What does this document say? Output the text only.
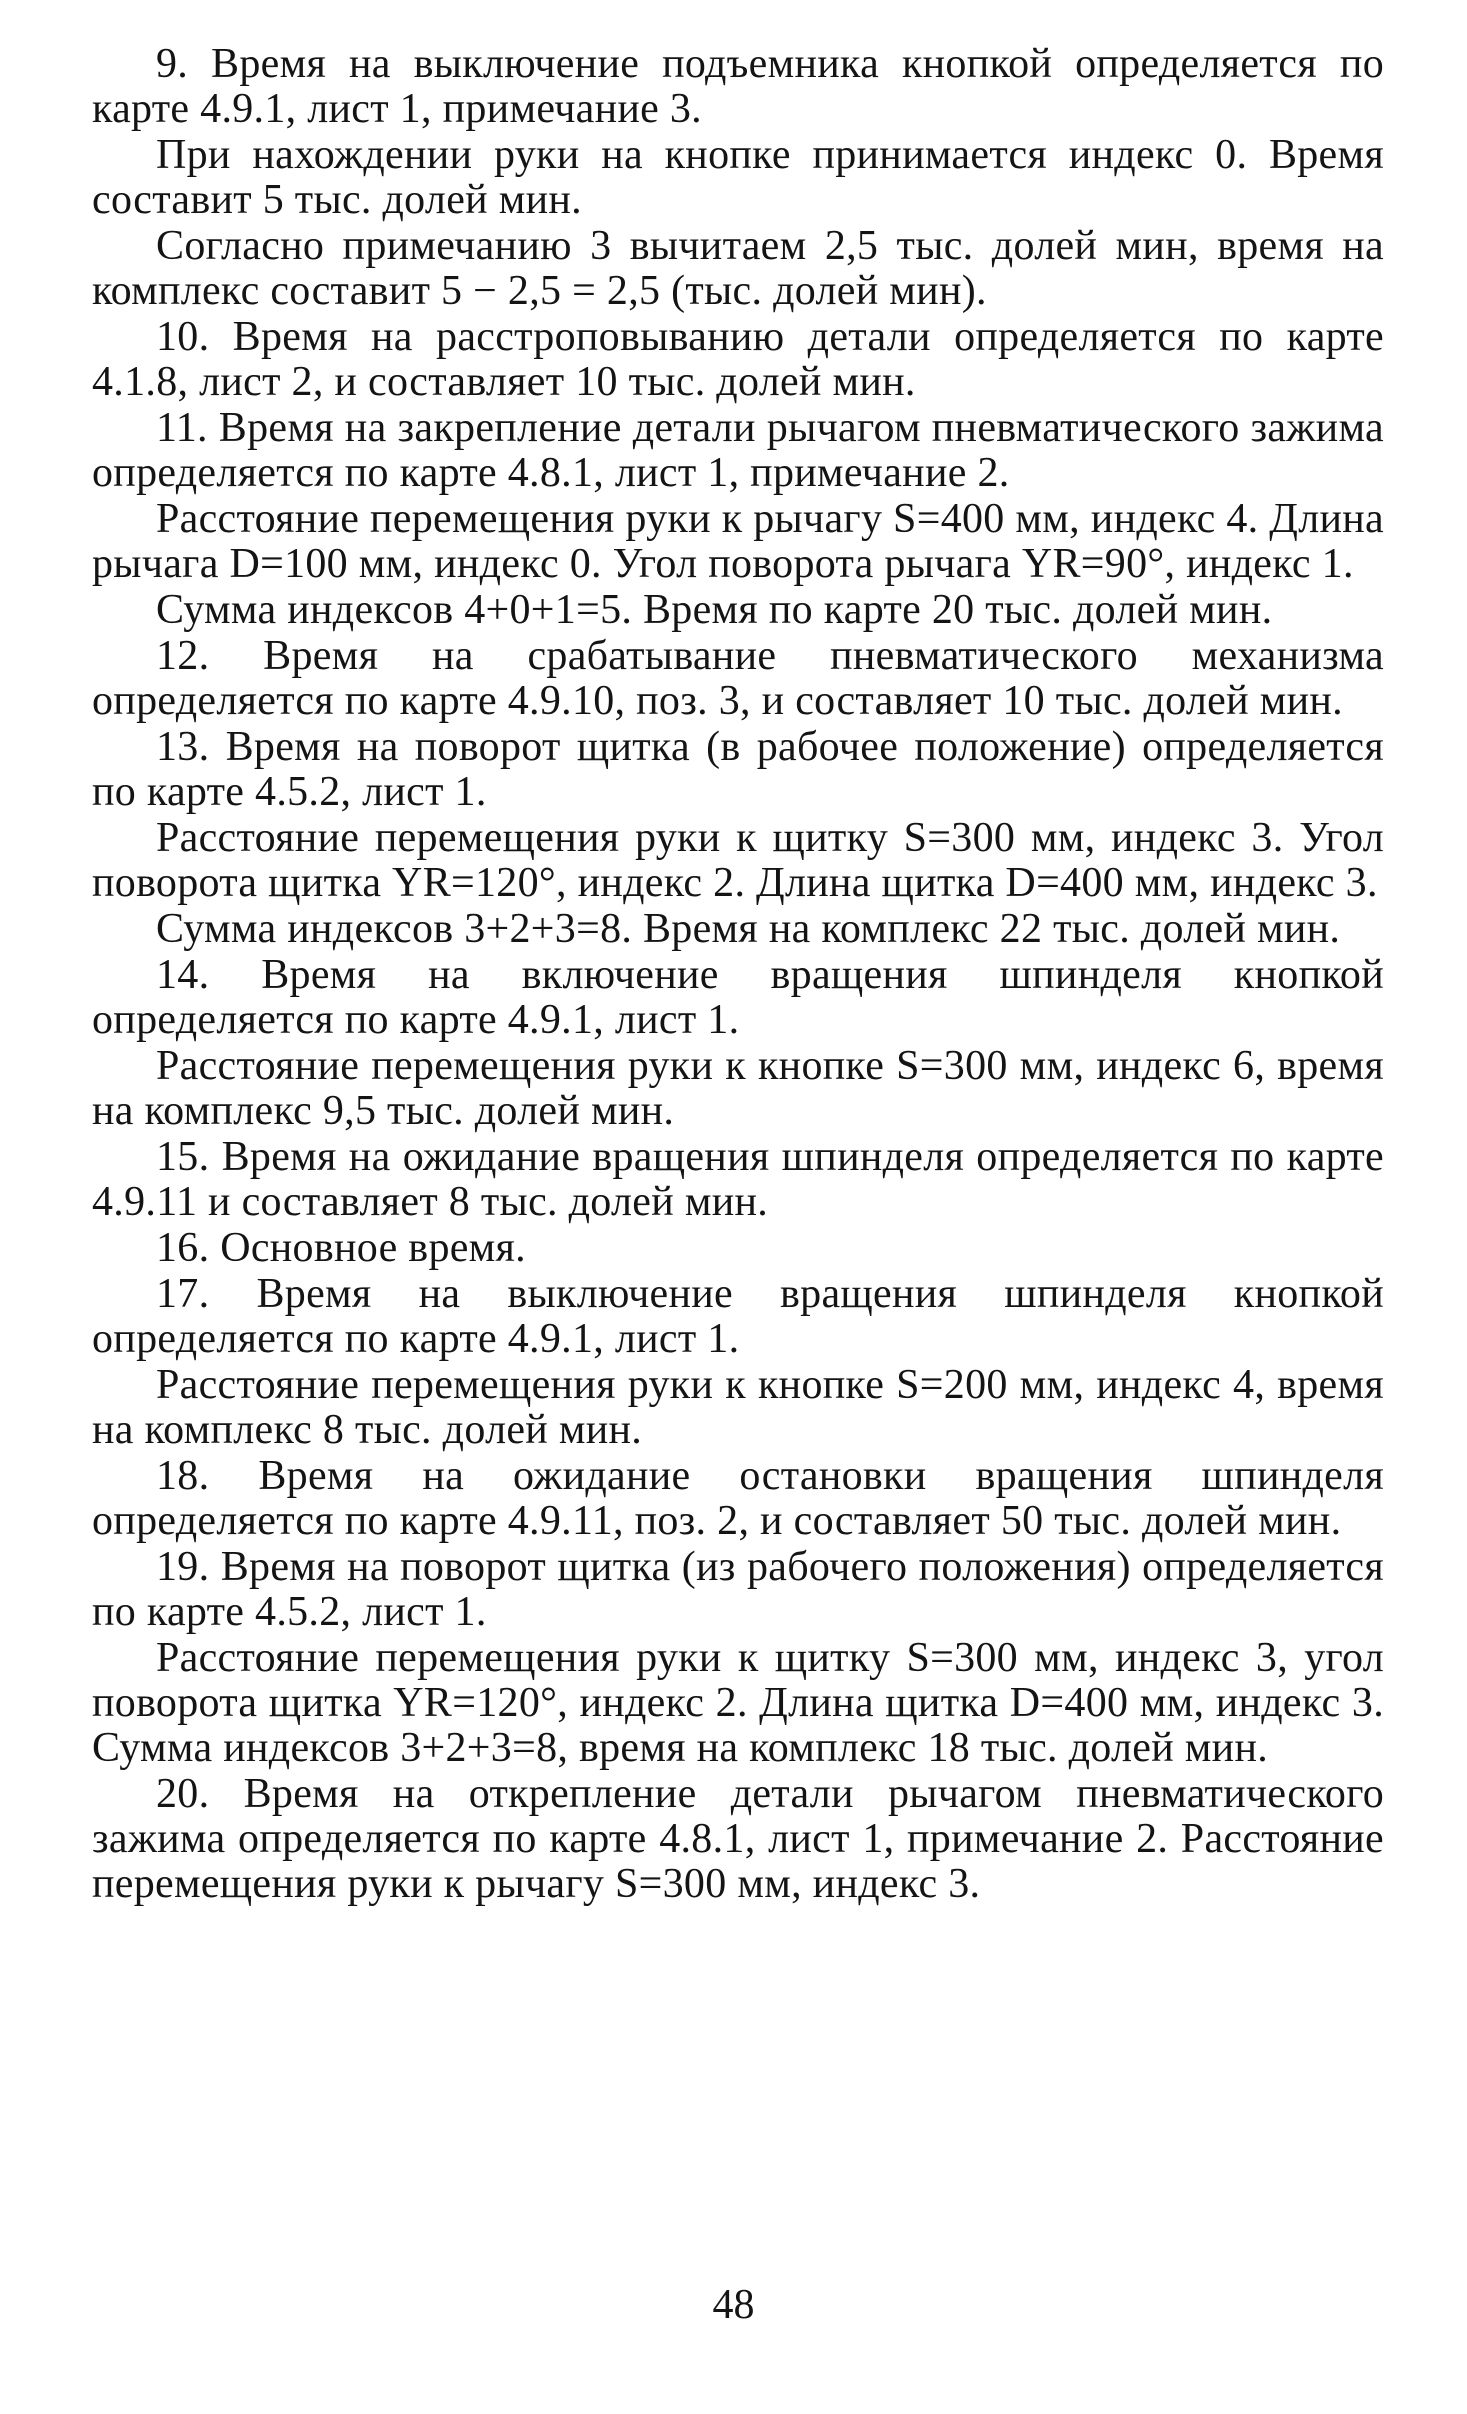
9. Время на выключение подъемника кнопкой определяется по карте 4.9.1, лист 1, примечание 3.

При нахождении руки на кнопке принимается индекс 0. Время составит 5 тыс. долей мин.

Согласно примечанию 3 вычитаем 2,5 тыс. долей мин, время на комплекс составит 5 − 2,5 = 2,5 (тыс. долей мин).

10. Время на расстроповыванию детали определяется по карте 4.1.8, лист 2, и составляет 10 тыс. долей мин.

11. Время на закрепление детали рычагом пневматического зажима определяется по карте 4.8.1, лист 1, примечание 2.

Расстояние перемещения руки к рычагу S=400 мм, индекс 4. Длина рычага D=100 мм, индекс 0. Угол поворота рычага YR=90°, индекс 1.

Сумма индексов 4+0+1=5. Время по карте 20 тыс. долей мин.

12. Время на срабатывание пневматического механизма определяется по карте 4.9.10, поз. 3, и составляет 10 тыс. долей мин.

13. Время на поворот щитка (в рабочее положение) определяется по карте 4.5.2, лист 1.

Расстояние перемещения руки к щитку S=300 мм, индекс 3. Угол поворота щитка YR=120°, индекс 2. Длина щитка D=400 мм, индекс 3.

Сумма индексов 3+2+3=8. Время на комплекс 22 тыс. долей мин.

14. Время на включение вращения шпинделя кнопкой определяется по карте 4.9.1, лист 1.

Расстояние перемещения руки к кнопке S=300 мм, индекс 6, время на комплекс 9,5 тыс. долей мин.

15. Время на ожидание вращения шпинделя определяется по карте 4.9.11 и составляет 8 тыс. долей мин.

16. Основное время.

17. Время на выключение вращения шпинделя кнопкой определяется по карте 4.9.1, лист 1.

Расстояние перемещения руки к кнопке S=200 мм, индекс 4, время на комплекс 8 тыс. долей мин.

18. Время на ожидание остановки вращения шпинделя определяется по карте 4.9.11, поз. 2, и составляет 50 тыс. долей мин.

19. Время на поворот щитка (из рабочего положения) определяется по карте 4.5.2, лист 1.

Расстояние перемещения руки к щитку S=300 мм, индекс 3, угол поворота щитка YR=120°, индекс 2. Длина щитка D=400 мм, индекс 3. Сумма индексов 3+2+3=8, время на комплекс 18 тыс. долей мин.

20. Время на открепление детали рычагом пневматического зажима определяется по карте 4.8.1, лист 1, примечание 2. Расстояние перемещения руки к рычагу S=300 мм, индекс 3.

48
